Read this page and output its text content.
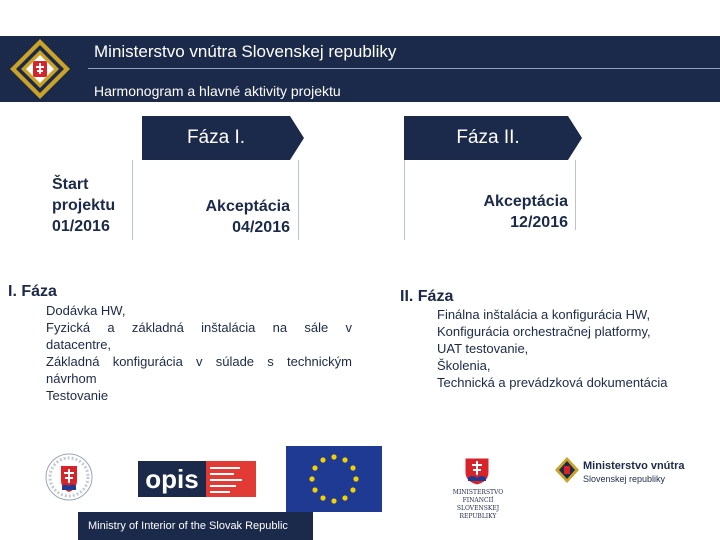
Ministerstvo vnútra Slovenskej republiky
Harmonogram a hlavné aktivity projektu
Fáza I.	Fáza II.
Štart
projektu
01/2016
Akceptácia
04/2016
Akceptácia
12/2016
I. Fáza
Dodávka HW,
Fyzická a základná inštalácia na sále v
datacentre,
Základná konfigurácia v súlade s technickým
návrhom
Testovanie
II. Fáza
Finálna inštalácia a konfigurácia HW,
Konfigurácia orchestračnej platformy,
UAT testovanie,
Školenia,
Technická a prevádzková dokumentácia
opis	MINISTERSTVO FINANCIÍ
SLOVENSKEJ REPUBLIKY
Ministerstvo vnútra
Slovenskej republiky
Ministry of Interior of the Slovak Republic
